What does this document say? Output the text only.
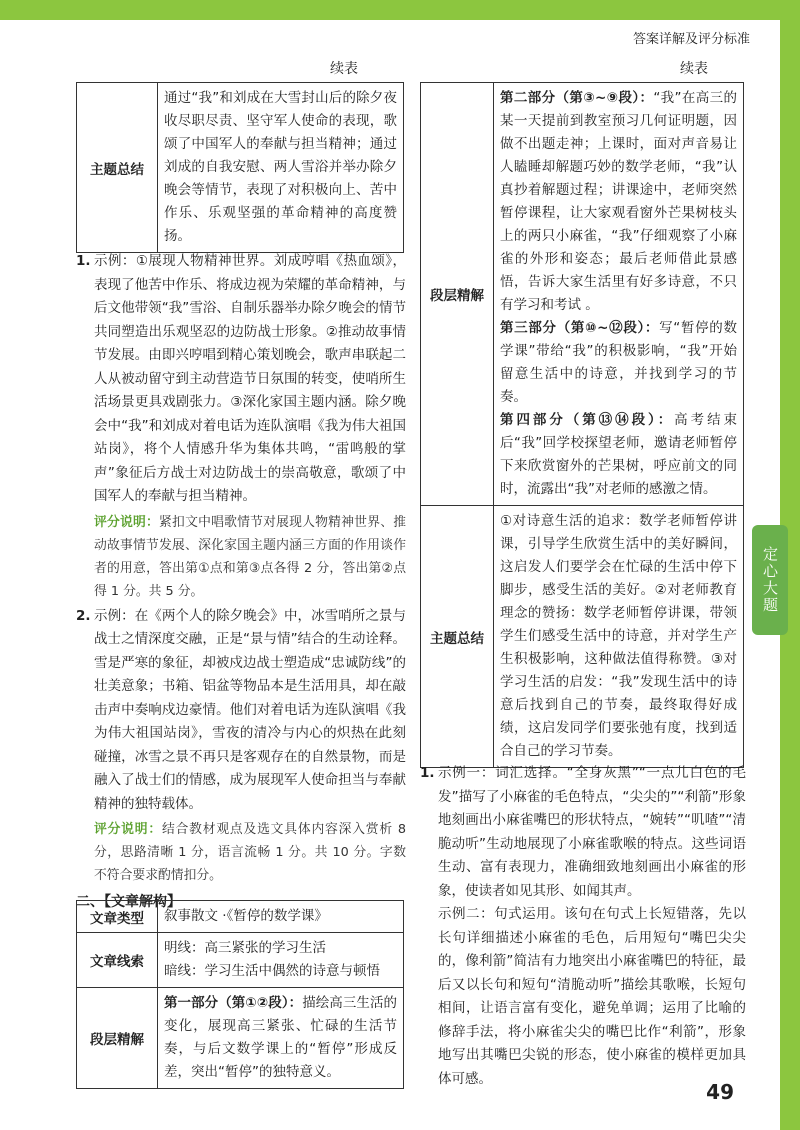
答案详解及评分标准
续表	续表
主题总结	通过“我”和刘成在大雪封山后的除夕夜收尽职尽责、坚守军人使命的表现，歌颂了中国军人的奉献与担当精神；通过刘成的自我安慰、两人雪浴并举办除夕晚会等情节，表现了对积极向上、苦中作乐、乐观坚强的革命精神的高度赞扬。
1. 示例：①展现人物精神世界。刘成哼唱《热血颂》，表现了他苦中作乐、将成边视为荣耀的革命精神，与后文他带领“我”雪浴、自制乐器举办除夕晚会的情节共同塑造出乐观坚忍的边防战士形象。②推动故事情节发展。由即兴哼唱到精心策划晚会，歌声串联起二人从被动留守到主动营造节日氛围的转变，使哨所生活场景更具戏剧张力。③深化家国主题内涵。除夕晚会中“我”和刘成对着电话为连队演唱《我为伟大祖国站岗》，将个人情感升华为集体共鸣，“雷鸣般的掌声”象征后方战士对边防战士的崇高敬意，歌颂了中国军人的奉献与担当精神。
评分说明：紧扣文中唱歌情节对展现人物精神世界、推动故事情节发展、深化家国主题内涵三方面的作用谈作者的用意，答出第①点和第③点各得 2 分，答出第②点得 1 分。共 5 分。
2. 示例：在《两个人的除夕晚会》中，冰雪哨所之景与战士之情深度交融，正是“景与情”结合的生动诠释。雪是严寒的象征，却被戍边战士塑造成“忠诚防线”的壮美意象；书箱、铝盆等物品本是生活用具，却在敲击声中奏响戍边豪情。他们对着电话为连队演唱《我为伟大祖国站岗》，雪夜的清冷与内心的炽热在此刻碰撞，冰雪之景不再只是客观存在的自然景物，而是融入了战士们的情感，成为展现军人使命担当与奉献精神的独特载体。
评分说明：结合教材观点及选文具体内容深入赏析 8 分，思路清晰 1 分，语言流畅 1 分。共 10 分。字数不符合要求酌情扣分。
二、【文章解构】
文章类型	叙事散文 ·《暂停的数学课》
文章线索	明线：高三紧张的学习生活

暗线：学习生活中偶然的诗意与顿悟

段层精解	第一部分（第①②段）：描绘高三生活的变化，展现高三紧张、忙碌的生活节奏，与后文数学课上的“暂停”形成反差，突出“暂停”的独特意义。
段层精解	第二部分（第③~⑨段）：“我”在高三的某一天提前到教室预习几何证明题，因做不出题走神；上课时，面对声音易让人瞌睡却解题巧妙的数学老师，“我”认真抄着解题过程；讲课途中，老师突然暂停课程，让大家观看窗外芒果树枝头上的两只小麻雀，“我”仔细观察了小麻雀的外形和姿态；最后老师借此景感悟，告诉大家生活里有好多诗意，不只有学习和考试 。

第三部分（第⑩~⑫段）：写“暂停的数学课”带给“我”的积极影响，“我”开始留意生活中的诗意，并找到学习的节奏。

第四部分（第⑬⑭段）：高考结束后“我”回学校探望老师，邀请老师暂停下来欣赏窗外的芒果树，呼应前文的同时，流露出“我”对老师的感激之情。

主题总结	①对诗意生活的追求：数学老师暂停讲课，引导学生欣赏生活中的美好瞬间，这启发人们要学会在忙碌的生活中停下脚步，感受生活的美好。②对老师教育理念的赞扬：数学老师暂停讲课，带领学生们感受生活中的诗意，并对学生产生积极影响，这种做法值得称赞。③对学习生活的启发：“我”发现生活中的诗意后找到自己的节奏，最终取得好成绩，这启发同学们要张弛有度，找到适合自己的学习节奏。
1. 示例一：词汇选择。“全身灰黑”“一点儿白色的毛发”描写了小麻雀的毛色特点，“尖尖的”“利箭”形象地刻画出小麻雀嘴巴的形状特点，“婉转”“叽喳”“清脆动听”生动地展现了小麻雀歌喉的特点。这些词语生动、富有表现力，准确细致地刻画出小麻雀的形象，使读者如见其形、如闻其声。
示例二：句式运用。该句在句式上长短错落，先以长句详细描述小麻雀的毛色，后用短句“嘴巴尖尖的，像利箭”简洁有力地突出小麻雀嘴巴的特征，最后又以长句和短句“清脆动听”描绘其歌喉，长短句相间，让语言富有变化，避免单调；运用了比喻的修辞手法，将小麻雀尖尖的嘴巴比作“利箭”，形象地写出其嘴巴尖锐的形态，使小麻雀的模样更加具体可感。
定心大题
49
